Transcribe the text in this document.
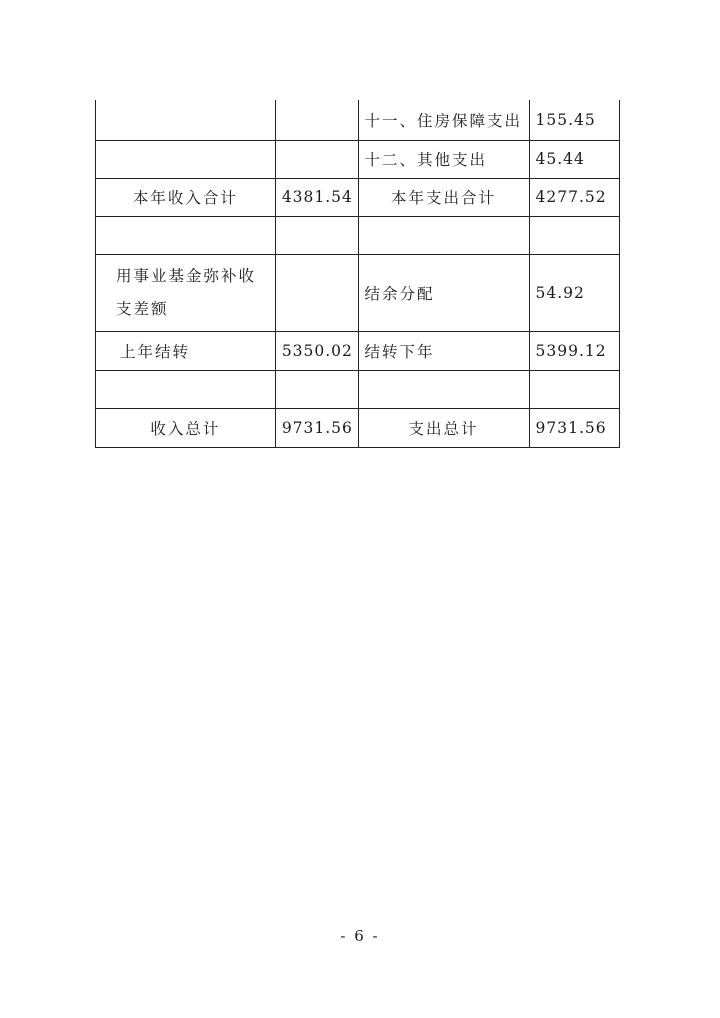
		十一、住房保障支出	155.45
		十二、其他支出	45.44
本年收入合计	4381.54	本年支出合计	4277.52

用事业基金弥补收支差额		结余分配	54.92
上年结转	5350.02	结转下年	5399.12

收入总计	9731.56	支出总计	9731.56
- 6 -
